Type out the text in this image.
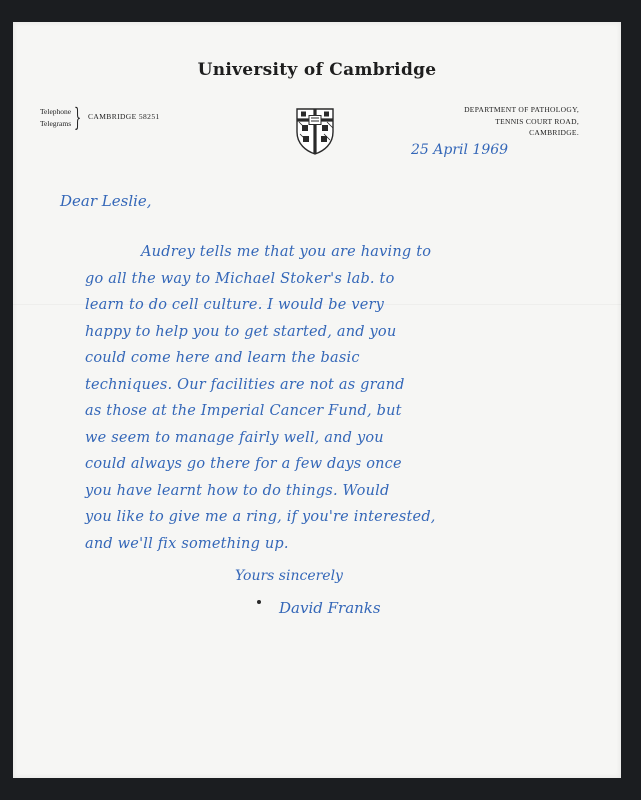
University of Cambridge
Telephone
Telegrams } CAMBRIDGE 58251
DEPARTMENT OF PATHOLOGY,
TENNIS COURT ROAD,
CAMBRIDGE.
25 April 1969
Dear Leslie,
Audrey tells me that you are having to
go all the way to Michael Stoker's lab. to
learn to do cell culture. I would be very
happy to help you to get started, and you
could come here and learn the basic
techniques. Our facilities are not as grand
as those at the Imperial Cancer Fund, but
we seem to manage fairly well, and you
could always go there for a few days once
you have learnt how to do things. Would
you like to give me a ring, if you're interested,
and we'll fix something up.
Yours sincerely
David Franks
